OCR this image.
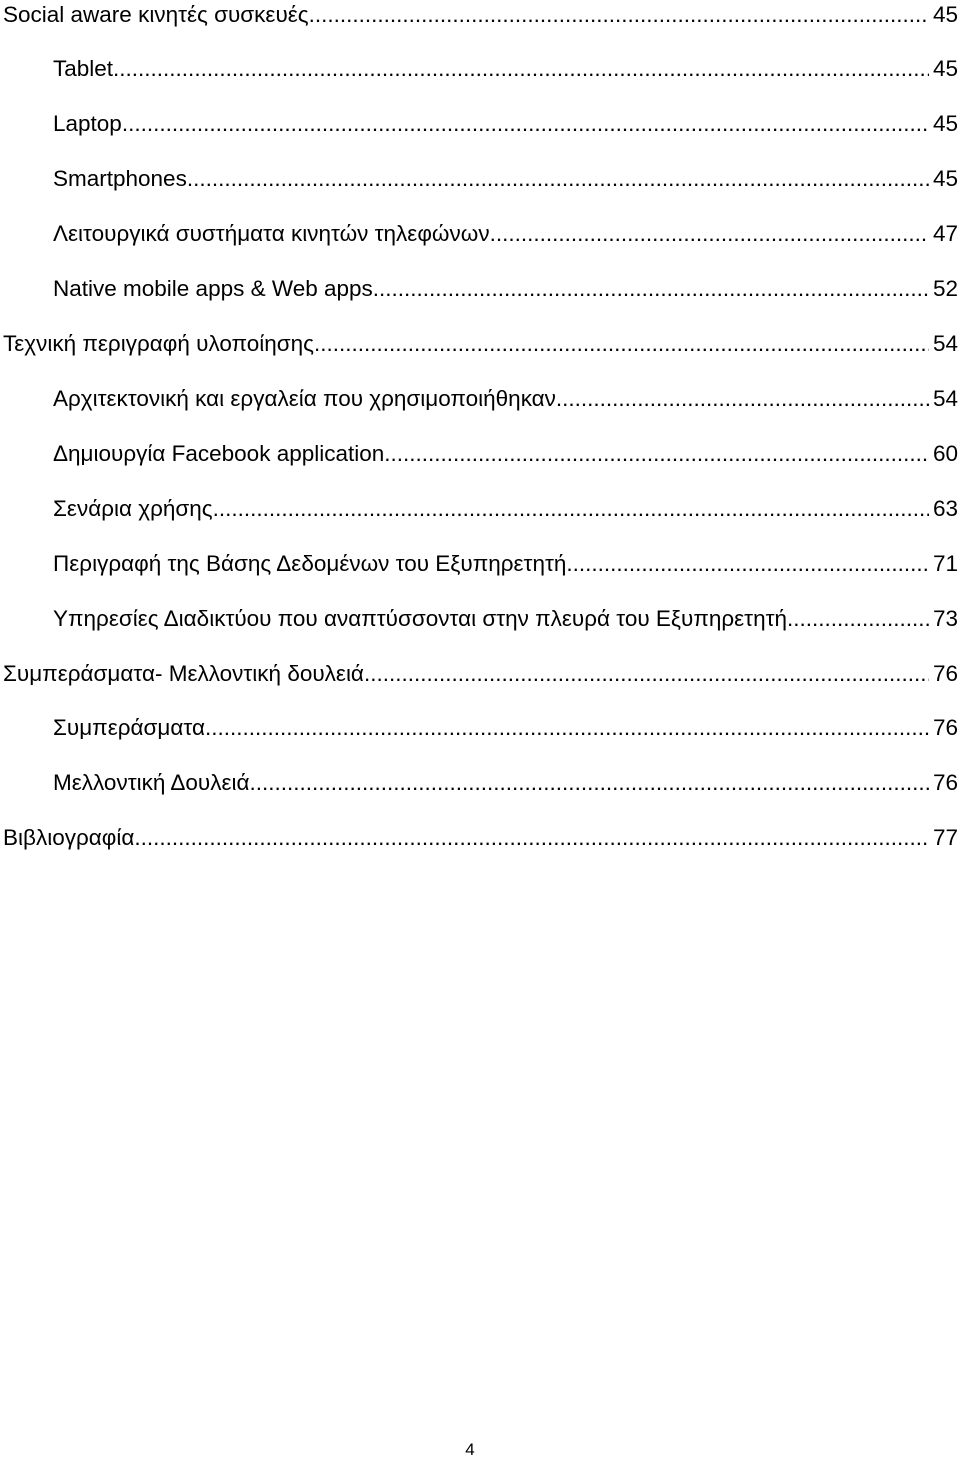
Social aware κινητές συσκευές .....	45
Tablet .....	45
Laptop .....	45
Smartphones .....	45
Λειτουργικά συστήματα κινητών τηλεφώνων .....	47
Native mobile apps & Web apps .....	52
Τεχνική περιγραφή υλοποίησης .....	54
Αρχιτεκτονική και εργαλεία που χρησιμοποιήθηκαν .....	54
Δημιουργία Facebook application .....	60
Σενάρια χρήσης .....	63
Περιγραφή της Βάσης Δεδομένων του Εξυπηρετητή .....	71
Υπηρεσίες Διαδικτύου που αναπτύσσονται στην πλευρά του Εξυπηρετητή .....	73
Συμπεράσματα- Μελλοντική δουλειά .....	76
Συμπεράσματα .....	76
Μελλοντική Δουλειά .....	76
Βιβλιογραφία .....	77
4
